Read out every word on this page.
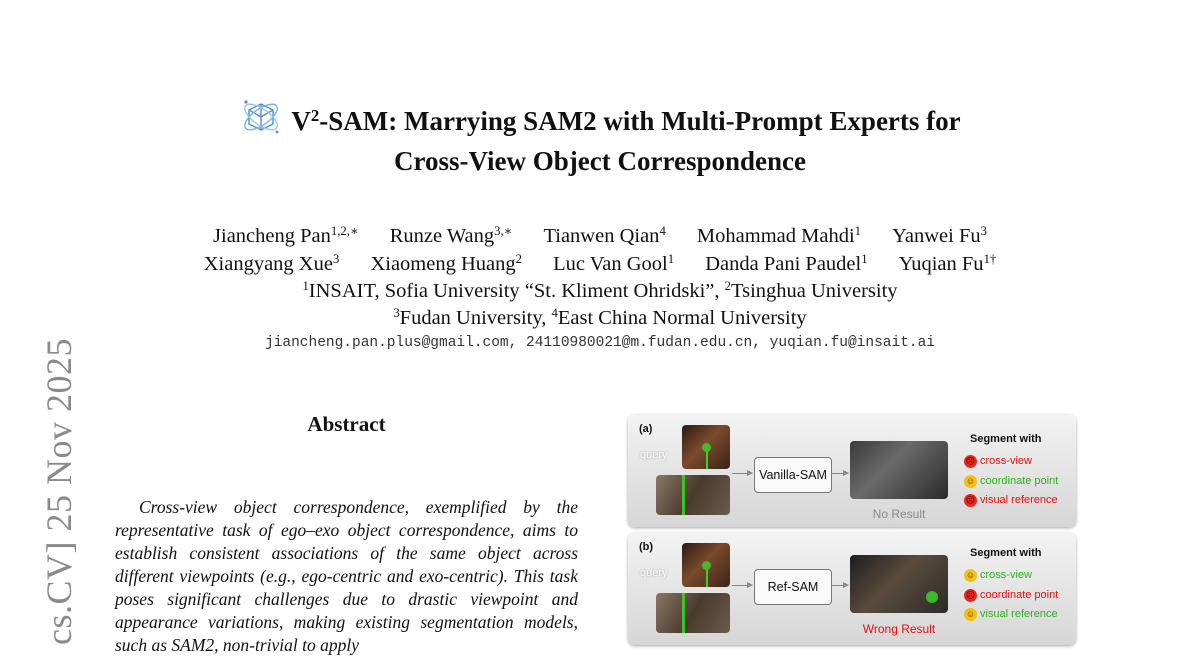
cs.CV] 25 Nov 2025
$V^2$-SAM: Marrying SAM2 with Multi-Prompt Experts for
Cross-View Object Correspondence
Jiancheng Pan$^{1,2,∗}$ Runze Wang$^{3,∗}$ Tianwen Qian$^4$ Mohammad Mahdi$^1$ Yanwei Fu$^3$
Xiangyang Xue$^3$ Xiaomeng Huang$^2$ Luc Van Gool$^1$ Danda Pani Paudel$^1$ Yuqian $Fu^{1\dagger}$
$^1$INSAIT, Sofia University “St. Kliment Ohridski”, $^2$Tsinghua University
$^3$Fudan University, $^4$East China Normal University
jiancheng.pan.plus@gmail.com, 24110980021@m.fudan.edu.cn, yuqian.fu@insait.ai
Abstract
Cross-view object correspondence, exemplified by the representative task of ego–exo object correspondence, aims to establish consistent associations of the same object across different viewpoints (e.g., ego-centric and exo-centric). This task poses significant challenges due to drastic viewpoint and appearance variations, making existing segmentation models, such as SAM2, non-trivial to apply
(a)
query
Vanilla-SAM
No Result
Segment with
☹ cross-view
☺ coordinate point
☹ visual reference
(b)
query
Ref-SAM
Wrong Result
Segment with
☺ cross-view
☹ coordinate point
☺ visual reference
